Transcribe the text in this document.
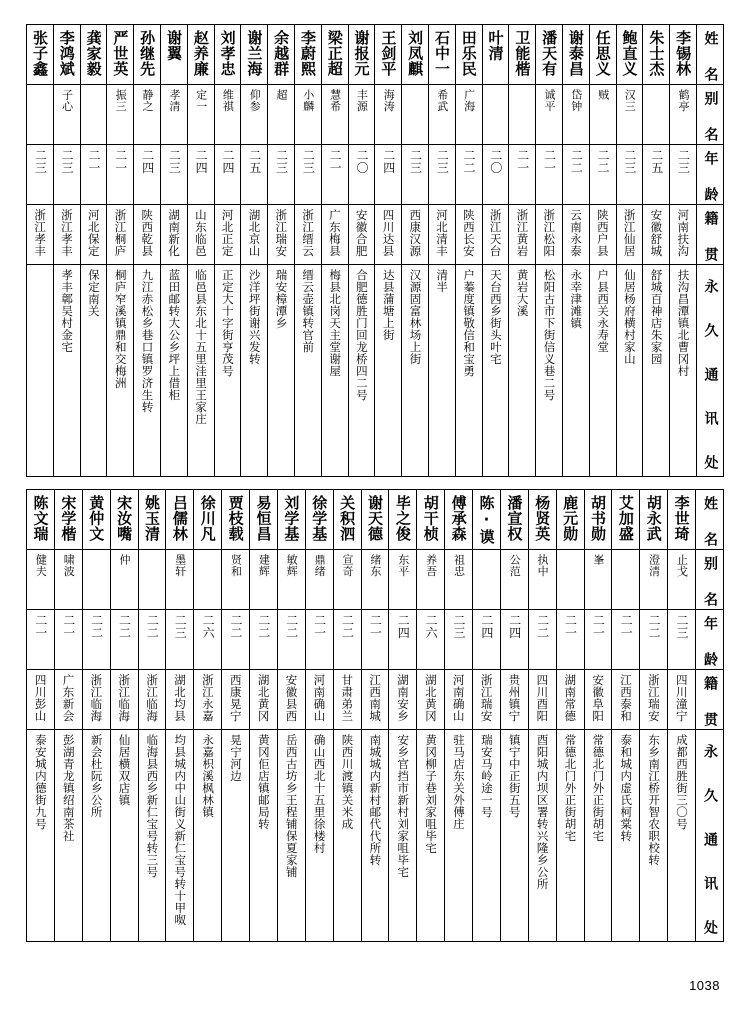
张子鑫	李鸿斌	龚家毅	严世英	孙继先	谢翼	赵养廉	刘孝忠	谢兰海	余越群	李蔚熙	梁正超	谢报元	王剑平	刘凤麒	石中一	田乐民	叶清	卫能楷	潘天有	谢泰昌	任思义	鲍直义	朱士杰	李锡林	姓 名

	子心		振三	静之	孝清	定一	维祺	仰参	超	小麟	慧希	丰源	海涛		希武	广海			诚平	岱钟	贼	汉三		鹤亭	别 名

二三	二三	二一	二一	二四	二三	二四	二四	二五	二三	二三	二一	二〇	二四	二三	二三	二二	二〇	二一	二一	二二	二二	二三	二五	二三	年 龄

浙江孝丰	浙江孝丰	河北保定	浙江桐庐	陕西乾县	湖南新化	山东临邑	河北正定	湖北京山	浙江瑞安	浙江缙云	广东梅县	安徽合肥	四川达县	西康汉源	河北清丰	陕西长安	浙江天台	浙江黄岩	浙江松阳	云南永泰	陕西户县	浙江仙居	安徽舒城	河南扶沟	籍 贯

	孝丰鄣吴村金宅	保定南关	桐庐窄溪镇鼎和交梅洲	九江赤松乡巷口镇罗济生转	蓝田邮转大公乡坪上借柜	临邑县东北十五里洼里王家庄	正定大十字街亨茂号	沙洋坪街谢兴发转	瑞安樟潭乡	缙云壶镇转官前	梅县北岗天主堂谢屋	合肥德胜门回龙桥四二号	达县蒲塘上街	汉源固富林场上街	清半	户蓁度镇敬信和宝勇	天台西乡街头叶宅	黄岩大溪	松阳古市下街信义巷二号	永幸津滩镇	户县西关永寿堂	仙居杨府横村家山	舒城百神店朱家园	扶沟昌潭镇北曹冈村	永 久 通 讯 处
陈文瑞	宋学楷	黄仲文	宋汝嘴	姚玉清	吕儒林	徐川凡	贾枝载	易恒昌	刘学基	徐学基	关积泗	谢天德	毕之俊	胡干桢	傅承森	陈·谟	潘宣权	杨贤英	鹿元勋	胡书勋	艾加盛	胡永武	李世琦	姓 名

健夫	啸波		仲		墨轩		贤和	建辉	敏辉	鼎绪	宣奇	绪东	东平	养吾	祖忠		公范	执中		峯		澄清	止戈	别 名

二一	二一	二二	二二	二二	二三	二六	二二	二二	二二	二一	二二	二一	二四	二六	二三	二四	二四	二二	二一	二一	二一	二二	二三	年 龄

四川彭山	广东新会	浙江临海	浙江临海	浙江临海	湖北均县	浙江永嘉	西康晃宁	湖北黄冈	安徽县西	河南确山	甘肃弟兰	江西南城	湖南安乡	湖北黄冈	河南确山	浙江瑞安	贵州镇宁	四川酉阳	湖南常德	安徽阜阳	江西泰和	浙江瑞安	四川潼宁	籍 贯

泰安城内德街九号	彭湖青龙镇绍南茶社	新会杜阮乡公所	仙居横双店镇	临海县西乡新仁宝号转三号	均县城内中山街义新仁宝号转十甲呶	永嘉枳溪枫林镇	晃宁河边	黄冈佢店镇邮局转	岳西古坊乡王程铺保夏家铺	确山西北十五里徐楼村	陕西川渡镇关米成	南城城内新村邮代代所转	安乡官挡市新村刘家咀毕宅	黄冈柳子巷刘家咀毕宅	驻马店东关外傅庄	瑞安马岭途一号	镇宁中正街五号	酉阳城内坝区署转兴隆乡公所	常德北门外正街胡宅	常德北门外正街胡宅	泰和城内虚氏柯棠转	东乡南江桥开智农职校转	成都西胜街三〇号	永 久 通 讯 处
1038
